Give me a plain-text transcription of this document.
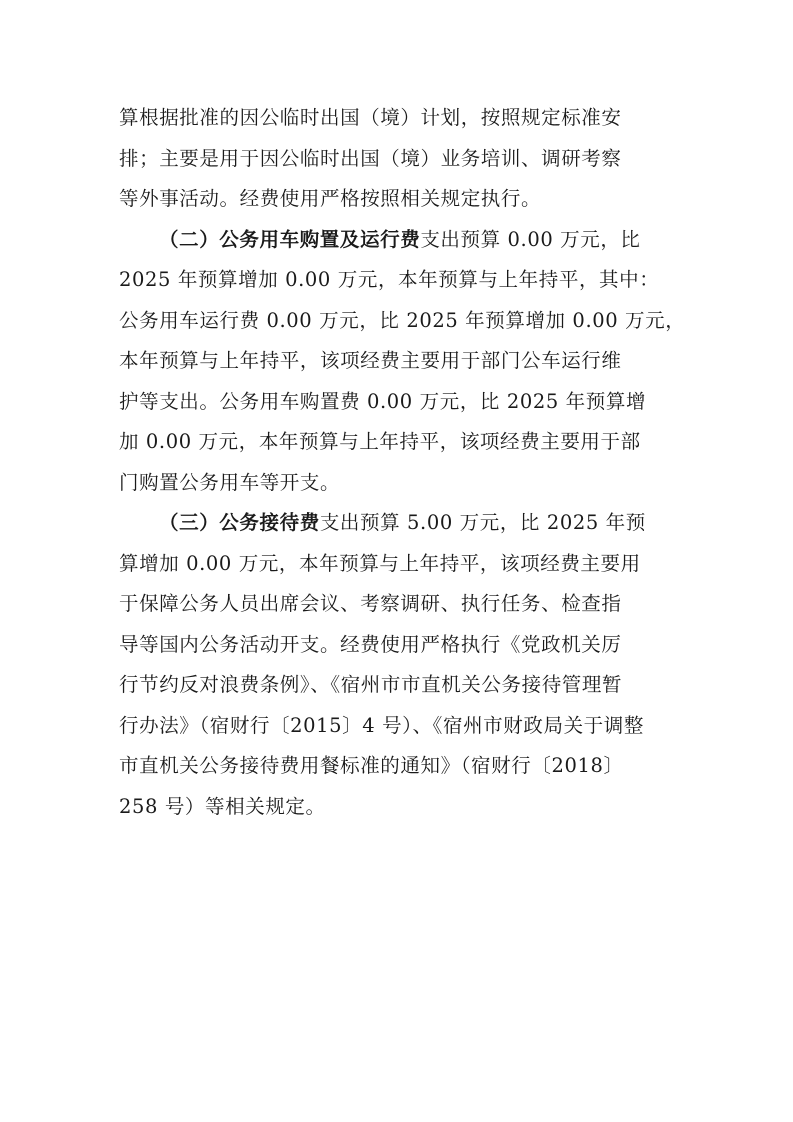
算根据批准的因公临时出国（境）计划，按照规定标准安
排；主要是用于因公临时出国（境）业务培训、调研考察
等外事活动。经费使用严格按照相关规定执行。
（二）公务用车购置及运行费支出预算 0.00 万元，比
2025 年预算增加 0.00 万元，本年预算与上年持平，其中：
公务用车运行费 0.00 万元，比 2025 年预算增加 0.00 万元，
本年预算与上年持平，该项经费主要用于部门公车运行维
护等支出。公务用车购置费 0.00 万元，比 2025 年预算增
加 0.00 万元，本年预算与上年持平，该项经费主要用于部
门购置公务用车等开支。
（三）公务接待费支出预算 5.00 万元，比 2025 年预
算增加 0.00 万元，本年预算与上年持平，该项经费主要用
于保障公务人员出席会议、考察调研、执行任务、检查指
导等国内公务活动开支。经费使用严格执行《党政机关厉
行节约反对浪费条例》、《宿州市市直机关公务接待管理暂
行办法》（宿财行〔2015〕4 号）、《宿州市财政局关于调整
市直机关公务接待费用餐标准的通知》（宿财行〔2018〕
258 号）等相关规定。
